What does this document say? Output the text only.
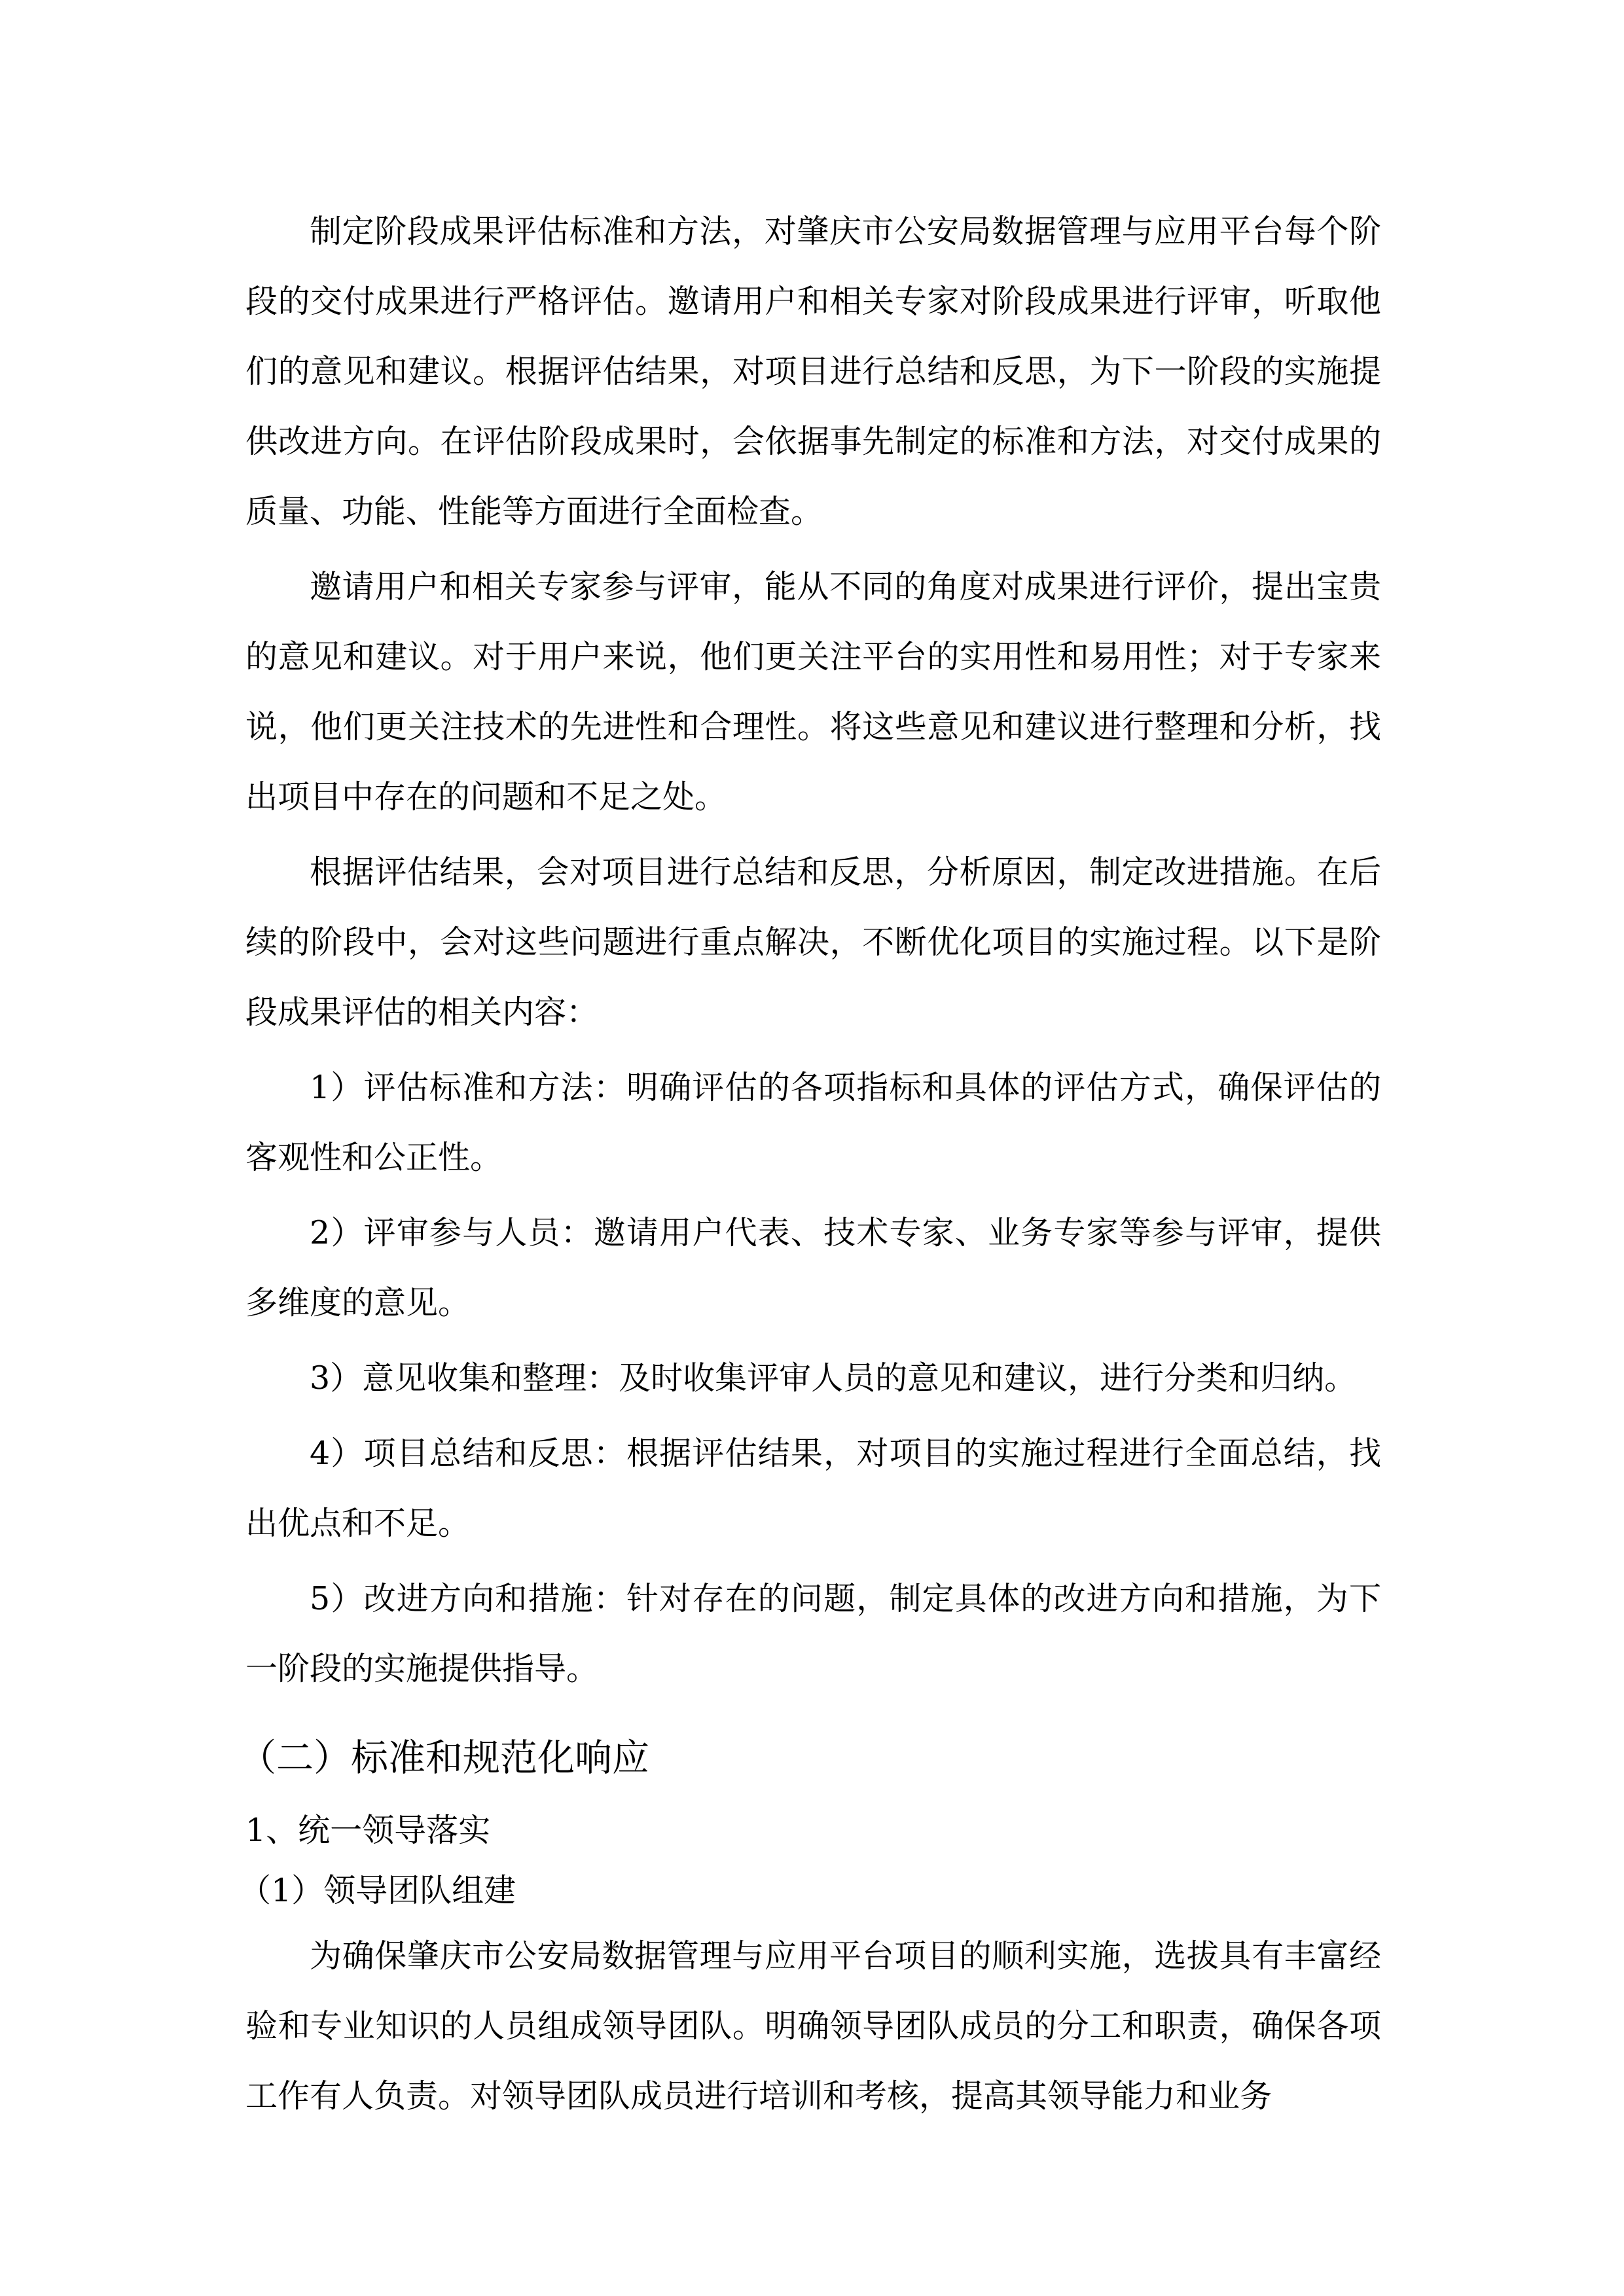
制定阶段成果评估标准和方法，对肇庆市公安局数据管理与应用平台每个阶段的交付成果进行严格评估。邀请用户和相关专家对阶段成果进行评审，听取他们的意见和建议。根据评估结果，对项目进行总结和反思，为下一阶段的实施提供改进方向。在评估阶段成果时，会依据事先制定的标准和方法，对交付成果的质量、功能、性能等方面进行全面检查。

邀请用户和相关专家参与评审，能从不同的角度对成果进行评价，提出宝贵的意见和建议。对于用户来说，他们更关注平台的实用性和易用性；对于专家来说，他们更关注技术的先进性和合理性。将这些意见和建议进行整理和分析，找出项目中存在的问题和不足之处。

根据评估结果，会对项目进行总结和反思，分析原因，制定改进措施。在后续的阶段中，会对这些问题进行重点解决，不断优化项目的实施过程。以下是阶段成果评估的相关内容：

1）评估标准和方法：明确评估的各项指标和具体的评估方式，确保评估的客观性和公正性。

2）评审参与人员：邀请用户代表、技术专家、业务专家等参与评审，提供多维度的意见。

3）意见收集和整理：及时收集评审人员的意见和建议，进行分类和归纳。

4）项目总结和反思：根据评估结果，对项目的实施过程进行全面总结，找出优点和不足。

5）改进方向和措施：针对存在的问题，制定具体的改进方向和措施，为下一阶段的实施提供指导。

（二）标准和规范化响应
1、统一领导落实
（1）领导团队组建

为确保肇庆市公安局数据管理与应用平台项目的顺利实施，选拔具有丰富经验和专业知识的人员组成领导团队。明确领导团队成员的分工和职责，确保各项工作有人负责。对领导团队成员进行培训和考核，提高其领导能力和业务
